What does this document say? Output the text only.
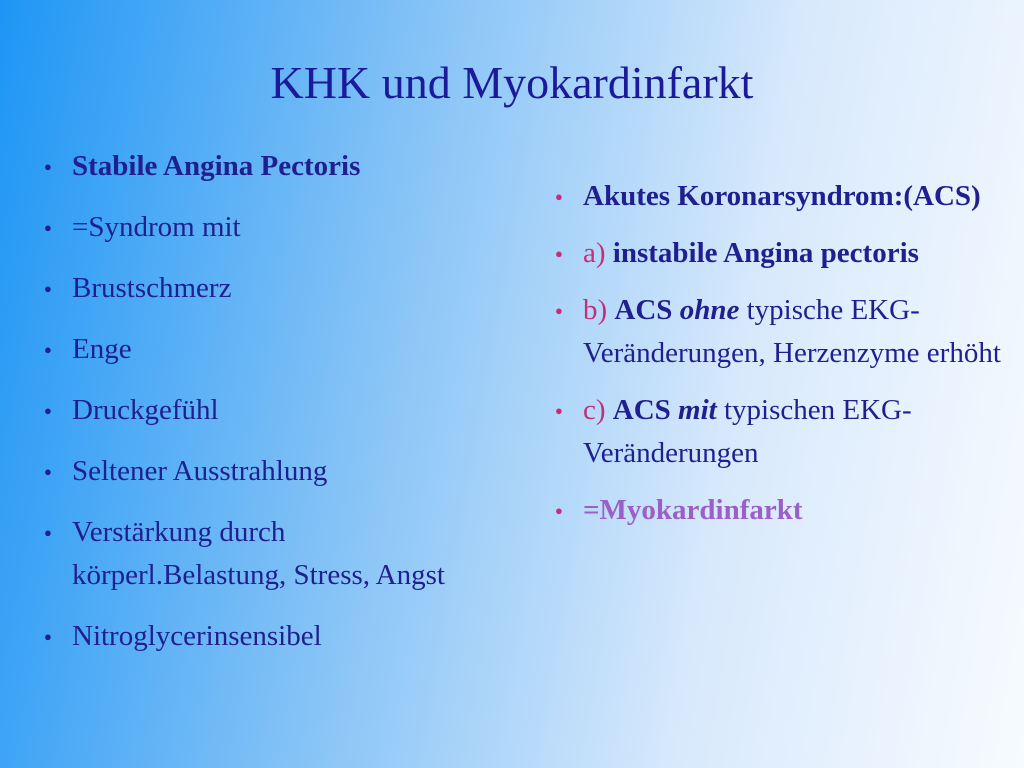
KHK und Myokardinfarkt
● Stabile Angina Pectoris
● =Syndrom mit
● Brustschmerz
● Enge
● Druckgefühl
● Seltener Ausstrahlung
● Verstärkung durch körperl.Belastung, Stress, Angst
● Nitroglycerinsensibel
● Akutes Koronarsyndrom:(ACS)
● a) instabile Angina pectoris
● b) ACS ohne typische EKG-Veränderungen, Herzenzyme erhöht
● c) ACS mit typischen EKG-Veränderungen
● =Myokardinfarkt
